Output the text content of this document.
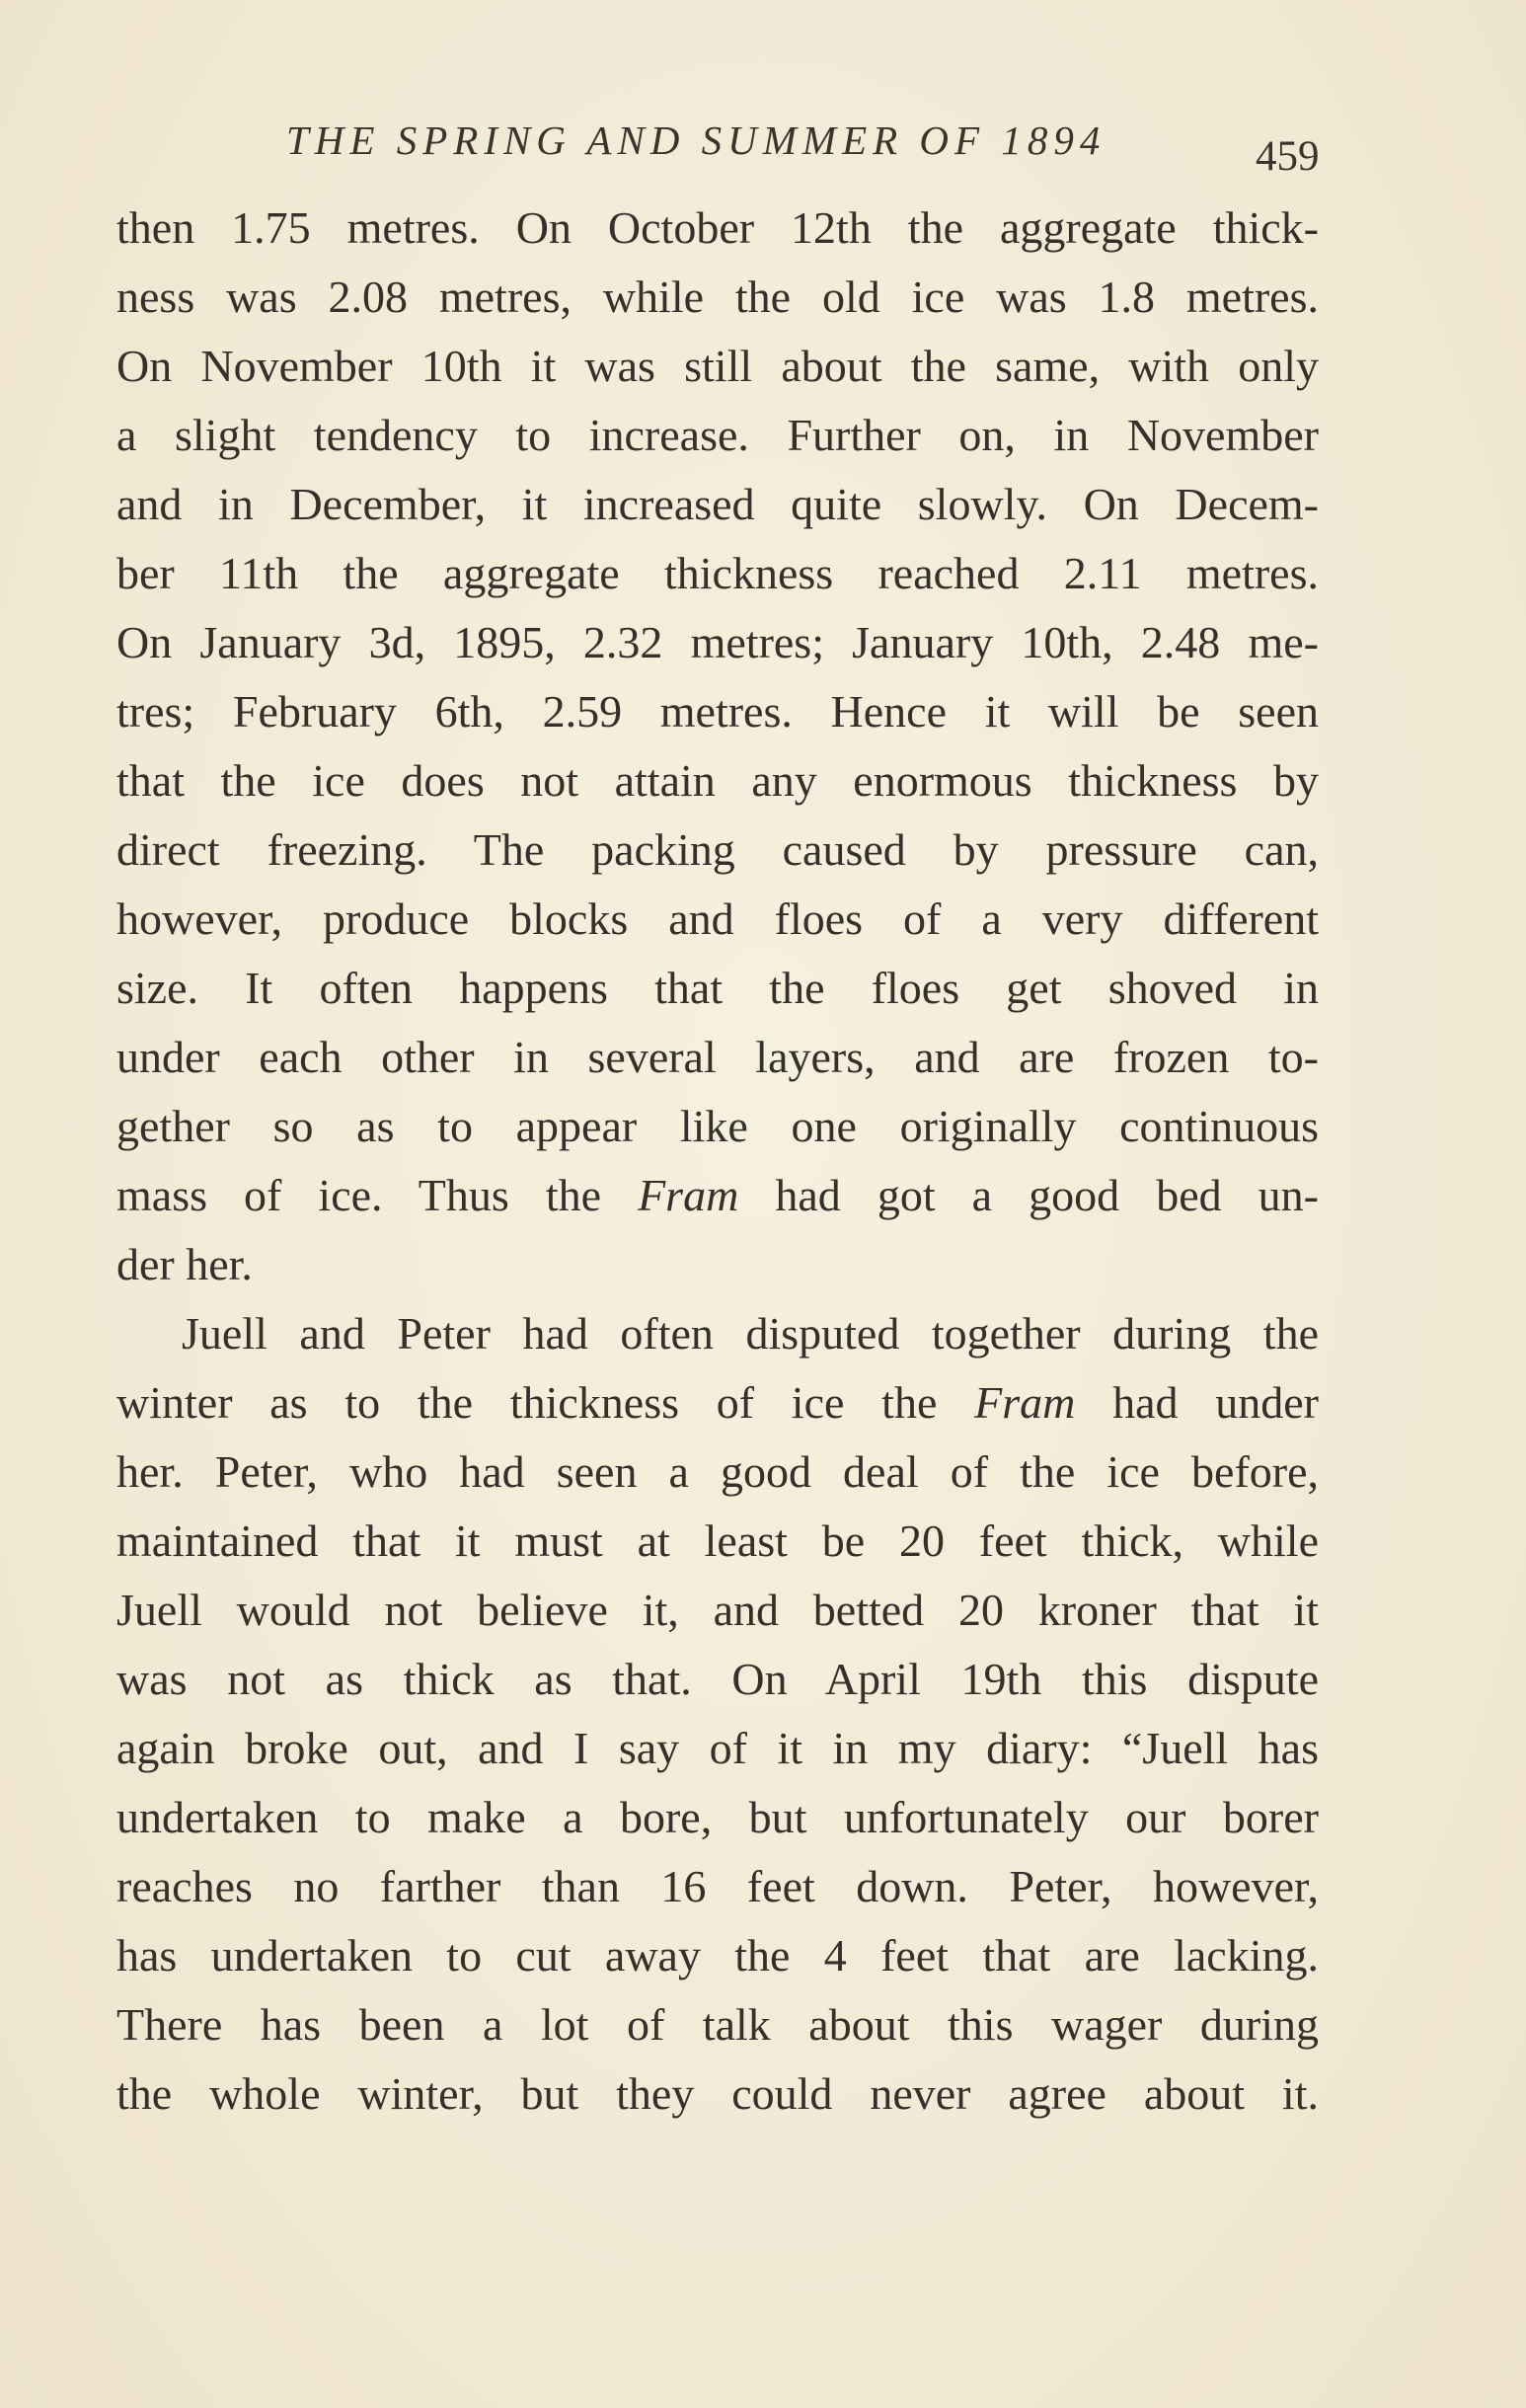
THE SPRING AND SUMMER OF 1894	459
then 1.75 metres. On October 12th the aggregate thick-
ness was 2.08 metres, while the old ice was 1.8 metres.
On November 10th it was still about the same, with only
a slight tendency to increase. Further on, in November
and in December, it increased quite slowly. On Decem-
ber 11th the aggregate thickness reached 2.11 metres.
On January 3d, 1895, 2.32 metres; January 10th, 2.48 me-
tres; February 6th, 2.59 metres. Hence it will be seen
that the ice does not attain any enormous thickness by
direct freezing. The packing caused by pressure can,
however, produce blocks and floes of a very different
size. It often happens that the floes get shoved in
under each other in several layers, and are frozen to-
gether so as to appear like one originally continuous
mass of ice. Thus the Fram had got a good bed un-
der her.
Juell and Peter had often disputed together during the
winter as to the thickness of ice the Fram had under
her. Peter, who had seen a good deal of the ice before,
maintained that it must at least be 20 feet thick, while
Juell would not believe it, and betted 20 kroner that it
was not as thick as that. On April 19th this dispute
again broke out, and I say of it in my diary: “Juell has
undertaken to make a bore, but unfortunately our borer
reaches no farther than 16 feet down. Peter, however,
has undertaken to cut away the 4 feet that are lacking.
There has been a lot of talk about this wager during
the whole winter, but they could never agree about it.
